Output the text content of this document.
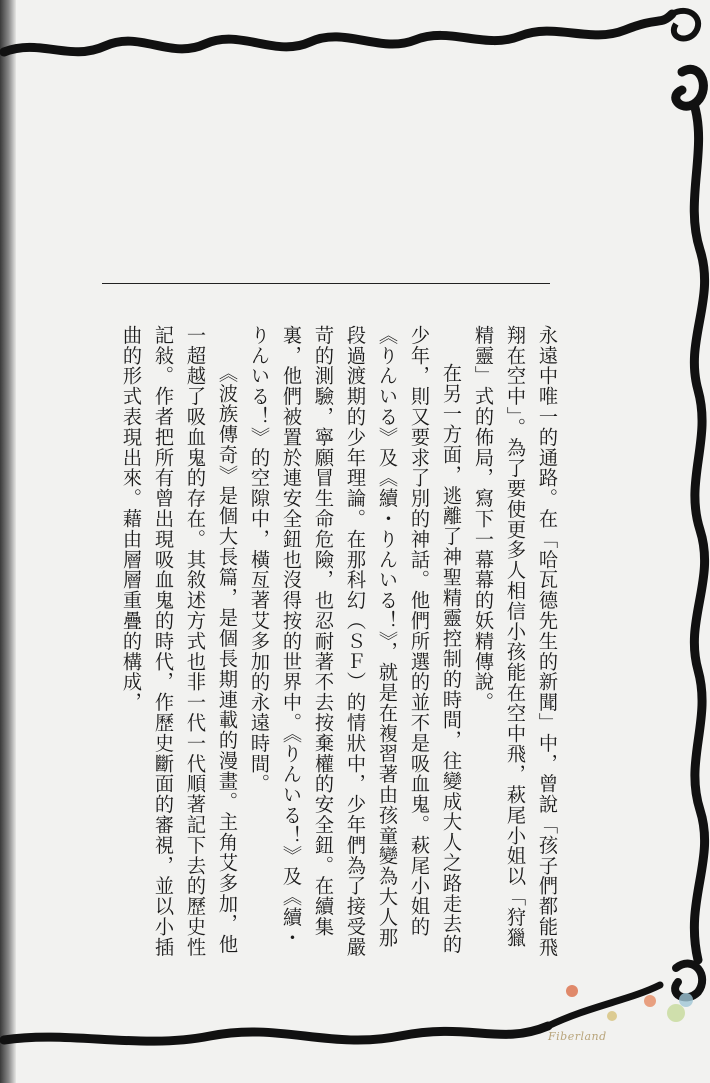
永遠中唯一的通路。在「哈瓦德先生的新聞」中，曾說「孩子們都能飛翔在空中」。為了要使更多人相信小孩能在空中飛，萩尾小姐以「狩獵精靈」式的佈局，寫下一幕幕的妖精傳說。

在另一方面，逃離了神聖精靈控制的時間，往變成大人之路走去的少年，則又要求了別的神話。他們所選的並不是吸血鬼。萩尾小姐的《りんいる》及《續・りんいる！》，就是在複習著由孩童變為大人那段過渡期的少年理論。在那科幻（ＳＦ）的情狀中，少年們為了接受嚴苛的測驗，寧願冒生命危險，也忍耐著不去按棄權的安全鈕。在續集裏，他們被置於連安全鈕也沒得按的世界中。《りんいる！》及《續・りんいる！》的空隙中，橫亙著艾多加的永遠時間。

《波族傳奇》是個大長篇，是個長期連載的漫畫。主角艾多加，他一超越了吸血鬼的存在。其敘述方式也非一代一代順著記下去的歷史性記敍。作者把所有曾出現吸血鬼的時代，作歷史斷面的審視，並以小插曲的形式表現出來。藉由層層重疊的構成，

Fiberland
